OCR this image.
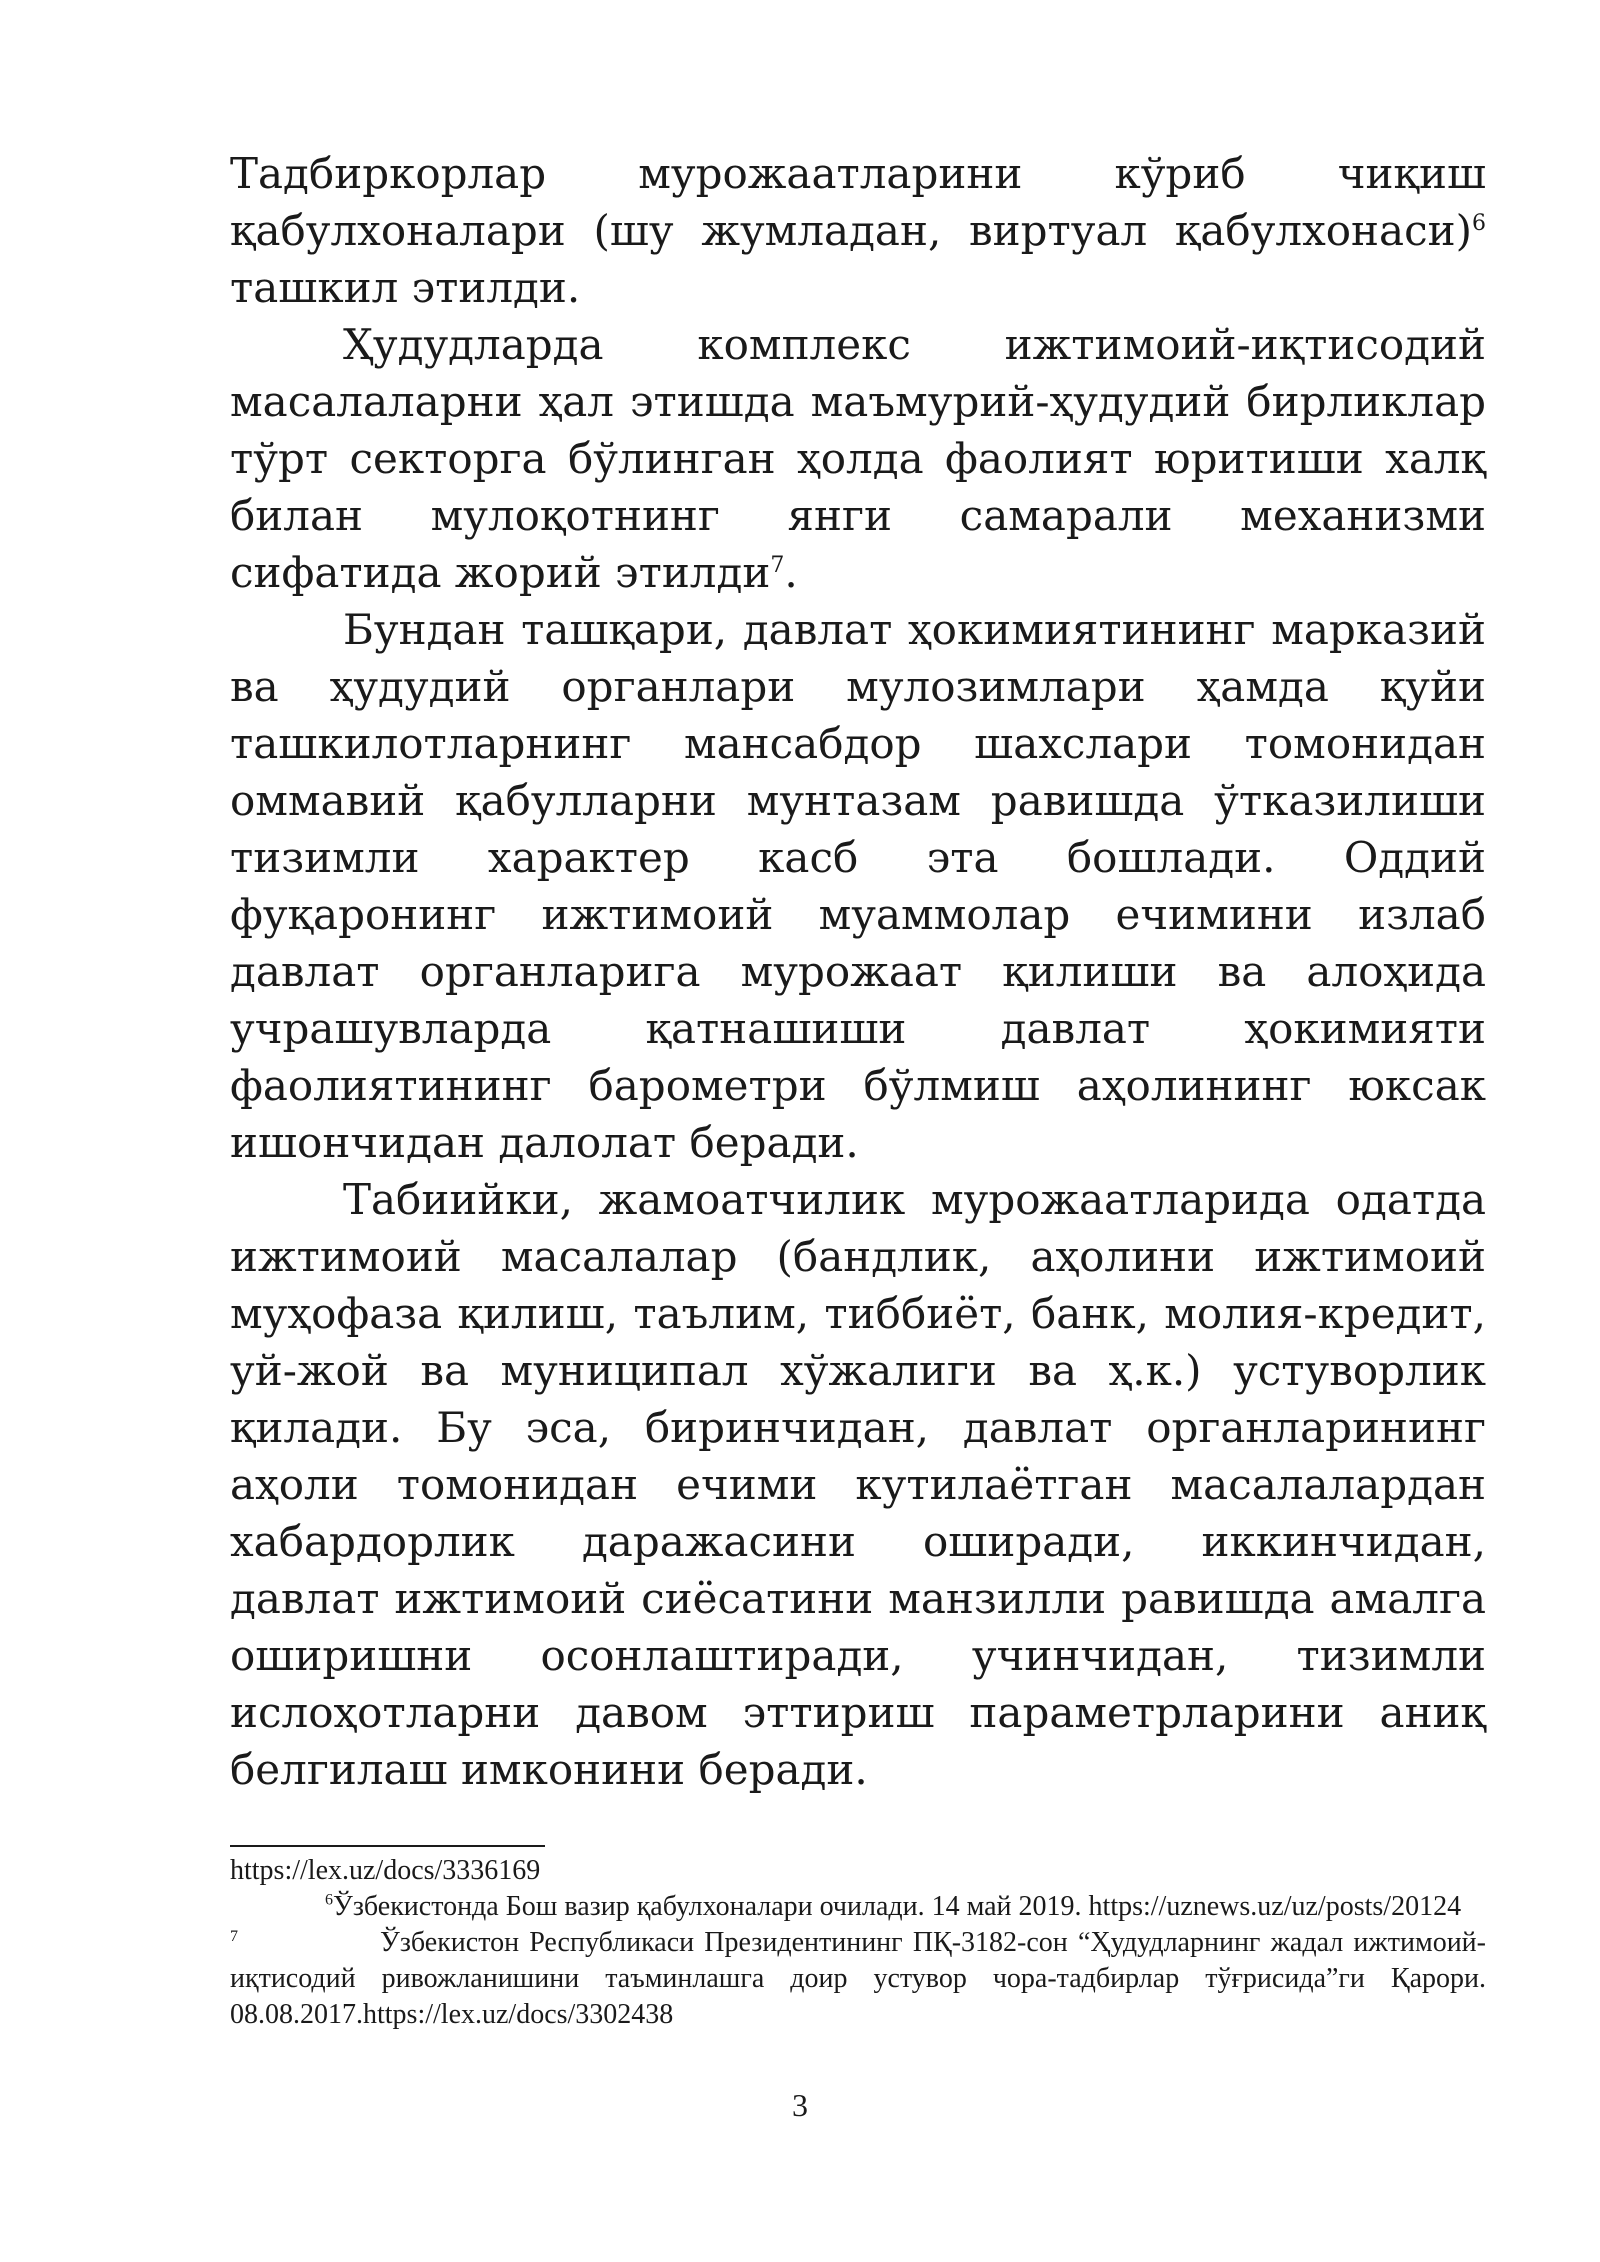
Тадбиркорлар мурожаатларини кўриб чиқиш қабулхоналари (шу жумладан, виртуал қабулхонаси)$^6$ ташкил этилди.

Ҳудудларда комплекс ижтимоий-иқтисодий масалаларни ҳал этишда маъмурий-ҳудудий бирликлар тўрт секторга бўлинган ҳолда фаолият юритиши халқ билан мулоқотнинг янги самарали механизми сифатида жорий этилди$^7$.

Бундан ташқари, давлат ҳокимиятининг марказий ва ҳудудий органлари мулозимлари ҳамда қуйи ташкилотларнинг мансабдор шахслари томонидан оммавий қабулларни мунтазам равишда ўтказилиши тизимли характер касб эта бошлади. Оддий фуқаронинг ижтимоий муаммолар ечимини излаб давлат органларига мурожаат қилиши ва алоҳида учрашувларда қатнашиши давлат ҳокимияти фаолиятининг барометри бўлмиш аҳолининг юксак ишончидан далолат беради.

Табиийки, жамоатчилик мурожаатларида одатда ижтимоий масалалар (бандлик, аҳолини ижтимоий муҳофаза қилиш, таълим, тиббиёт, банк, молия-кредит, уй-жой ва муниципал хўжалиги ва ҳ.к.) устуворлик қилади. Бу эса, биринчидан, давлат органларининг аҳоли томонидан ечими кутилаётган масалалардан хабардорлик даражасини оширади, иккинчидан, давлат ижтимоий сиёсатини манзилли равишда амалга оширишни осонлаштиради, учинчидан, тизимли ислоҳотларни давом эттириш параметрларини аниқ белгилаш имконини беради.

https://lex.uz/docs/3336169

$^6$Ўзбекистонда Бош вазир қабулхоналари очилади. 14 май 2019. https://uznews.uz/uz/posts/20124

7	Ўзбекистон Республикаси Президентининг ПҚ-3182-сон “Ҳудудларнинг жадал ижтимоий-иқтисодий ривожланишини таъминлашга доир устувор чора-тадбирлар тўғрисида”ги Қарори. 08.08.2017.https://lex.uz/docs/3302438

3
